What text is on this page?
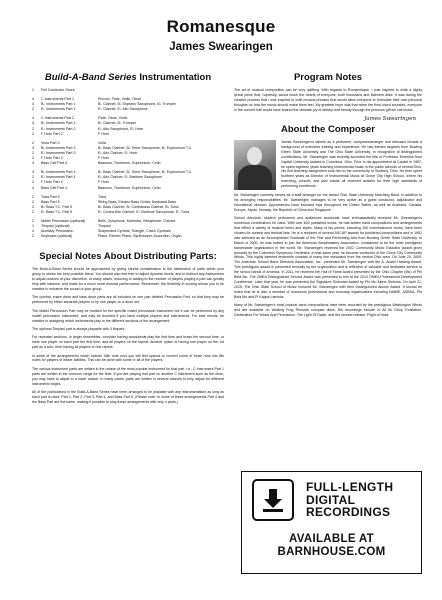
Romanesque
James Swearingen
Build-A-Band Series Instrumentation
1	Full Conductor Score
4	C Instruments Part 1	Piccolo, Flute, Violin, Oboe
4	B♭ Instruments Part 1	B♭ Clarinet, B♭ Soprano Saxophone, B♭ Trumpet
2	E♭ Instruments Part 1	E♭ Clarinet, E♭ Alto Saxophone
4	C Instruments Part 2	Flute, Oboe, Violin
4	B♭ Instruments Part 2	B♭ Clarinet, B♭ Trumpet
2	E♭ Instruments Part 2	E♭ Alto Saxophone, E♭ Horn
2	F Horn Part 2	F Horn
2	Viola Part 3	Viola
3	B♭ Instruments Part 3	B♭ Bass Clarinet, B♭ Tenor Saxophone, B♭ Euphonium T.C.
2	E♭ Instruments Part 3	E♭ Alto Clarinet, E♭ Horn
2	F Horn Part 3	F Horn
4	Bass Clef Part 3	Bassoon, Trombone, Euphonium, Cello
3	B♭ Instruments Part 4	B♭ Bass Clarinet, B♭ Tenor Saxophone, B♭ Euphonium T.C.
2	E♭ Instruments Part 4	E♭ Alto Clarinet, E♭ Baritone Saxophone
2	F Horn Part 4	F Horn
4	Bass Clef Part 4	Bassoon, Trombone, Euphonium, Cello
2	Tuba Part 5	Tuba
2	Bass Part 5	String Bass, Electric Bass Guitar, Keyboard Bass
2	B♭ Bass T.C. Part 5	B♭ Bass Clarinet, B♭ Contrabass Clarinet, B♭ Tuba
2	E♭ Bass T.C. Part 5	E♭ Contra Alto Clarinet, E♭ Baritone Saxophone, E♭ Tuba
2	Mallet Percussion (optional)	Bells, Xylophone, Marimba, Vibraphone, Chimes
1	Timpani (optional)	Timpani
4	Auxiliary Percussion	Suspended Cymbal, Triangle, Crash Cymbals
2	Keyboard (optional)	Piano, Electric Piano, Synthesizer, Accordion, Organ
Special Notes About Distributing Parts:

The Build-A-Band Series should be approached by giving careful consideration to the distribution of parts within your group to obtain the best possible blend. You should also feel free to adjust dynamic levels, and to instruct any instruments to adjust octaves at your discretion. In many cases, reducing or adding to the number of players playing a part can greatly help with balance, and make for a much more musical performance. Remember, the flexibility in scoring allows you to be creative to enhance the sound of your group.

The cymbal, snare drum and bass drum parts are all included on one part labeled Percussion Part, so that they may be performed by either separate players or by one player on a drum set.

The Mallet Percussion Part may be marked for the specific mallet percussion instrument but it can be performed by any mallet percussion instrument, and may be doubled if you have multiple players and instruments. For best results, be creative in assigning which instruments play in the different sections of the arrangement.

The optional Timpani part is always playable with 3 timpani.

For repeated sections, in larger ensembles, consider having woodwinds play the first time and brass the second time; or have one player on each part the first time, and all players on the repeat. Another option is having one player on the 1st part as a solo, then having all players on the repeat.

In some of the arrangements which include 16th note runs you will find options to convert some of those runs into 8th notes for players of lesser abilities. This can be done with some or all of the players.

The various instrument parts are written in the octave of the most popular instrument for that part. i.e., C Instrument Part 1 parts are written in the common range for the flute. If you are playing that part on another C instrument such as the oboe, you may have to adjust to a lower octave. In many cases, parts are written in several octaves to help adjust for different instrument ranges.

All of the publications in the Build-A-Band Series have been arranged to be playable with any instrumentation as long as each part is used: Part 1, Part 2, Part 3, Part 4, and Bass Part 5. (Please note: In some of these arrangements Part 4 and the Bass Part are the same, making it possible to play these arrangements with only 4 parts.)

Program Notes

The art of musical composition can be very uplifting. With regards to Romanesque, I was inspired to write a highly lyrical piece that, hopefully, would touch the hearts of everyone, both musicians and listeners alike. It was during the creative process that I was inspired to craft musical phrases that would allow everyone to formulate their own personal thoughts on how the music should make them feel. My greatest hope was that when the final chord sounded, everyone in the concert hall would have shared the ultimate joy of artistry and beauty through the precious gift we call music.

James Swearingen
About the Composer
James Swearingen's talents as a performer, composer/arranger and educator include a background of extensive training and experience. He has earned degrees from Bowling Green State University and The Ohio State University. In recognition of distinguished contributions, Mr. Swearingen was recently accorded the title of Professor Emeritus from Capital University located in Columbus, Ohio. Prior to his appointment at Capital in 1987, he spent eighteen years teaching instrumental music in the public schools of central Ohio. His first teaching assignment took him to the community of Sunbury, Ohio. He then spent fourteen years as Director of Instrumental Music at Grove City High School, where his marching, concert, and jazz bands all received acclaim for their high standards of performing excellence.

Mr. Swearingen currently serves as a staff arranger for the famed Ohio State University Marching Band. In addition to his arranging responsibilities, Mr. Swearingen manages to be very active as a guest conductor, adjudicator and educational clinician. Appearances have included trips throughout the United States, as well as Australia, Canada, Europe, Japan, Norway, the Republic of China and Singapore.

School directors, student performers and audiences worldwide have enthusiastically received Mr. Swearingen's numerous contributions for band. With over 600 published works, he has written band compositions and arrangements that reflect a variety of musical forms and styles. Many of his pieces, including 100 commissioned works, have been chosen for contest and festival lists. He is a recipient of several ASCAP awards for published compositions and in 1992 was selected as an Accomplished Graduate of the Fine and Performing Arts from Bowling Green State University. In March of 2000, he was invited to join the American Bandmasters Association, considered to be the most prestigious bandmaster organization in the world. Mr. Swearingen received the 2002 Community Music Educator Award given annually by the Columbus Symphony Orchestra. In that same year, he became conductor of the Grove City Community Winds. This highly talented ensemble consists of many fine musicians from the central Ohio area. On June 20, 2009, The American School Band Directors Association, Inc., presented Mr. Swearingen with the A. Austin Harding Award. This prestigious award is presented annually by the organization and is reflective of valuable and dedicated service to the school bands of America. In 2011, he received the Hall of Fame Award presented by the Ohio Chapter (Mu) of Phi Beta Mu. The OMEA Distinguished Service Award was presented to him at the 2014 OMEA Professional Development Conference. Later that year, he was presented the Signature Sinfonian Award by Phi Mu Alpha Sinfonia. On April 21, 2015, The Ohio State School of Music honored Mr. Swearingen with their Distinguished Alumni Award. It should be noted that he is also a member of numerous professional and honorary organizations including NAfME, ASBDA, Phi Beta Mu and Pi Kappa Lambda.

Many of Mr. Swearingen's most popular band compositions have been recorded by the prestigious Washington Winds and are available on Walking Frog Records compact discs. His recordings include In All Its Glory, Exaltation, Celebration For Winds And Percussion, The Light Of Dawn, and the newest release, Flight of Valor.

FULL-LENGTH
DIGITAL
RECORDINGS
AVAILABLE AT
BARNHOUSE.COM
